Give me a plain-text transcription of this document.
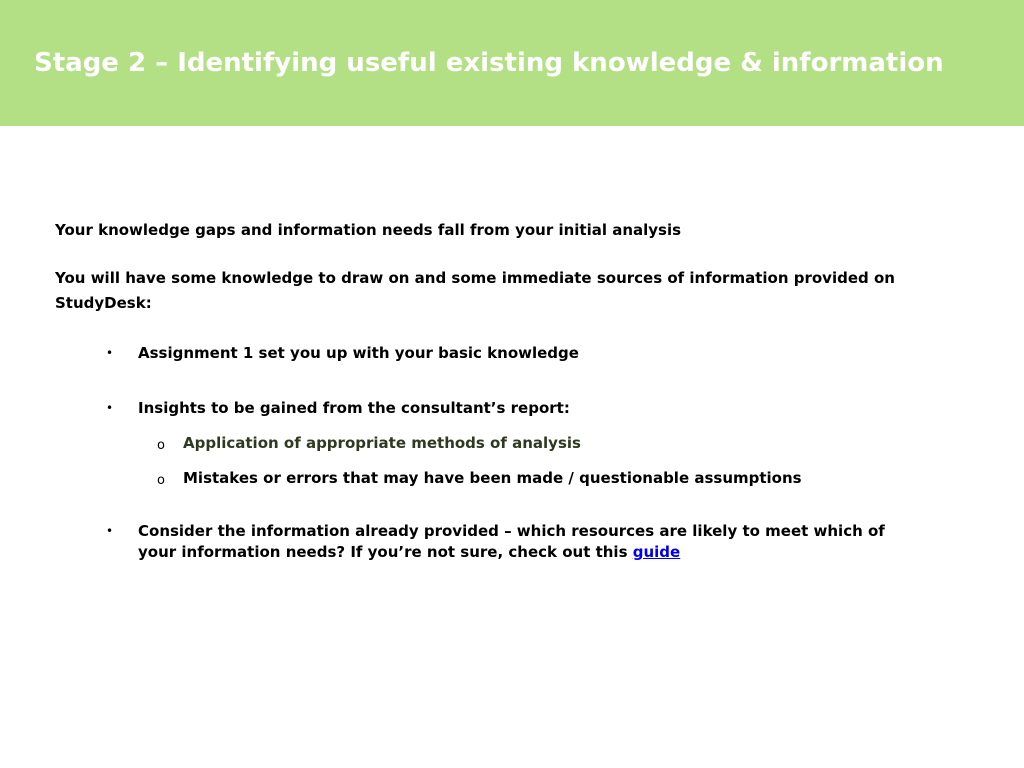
Stage 2 – Identifying useful existing knowledge & information

Your knowledge gaps and information needs fall from your initial analysis

You will have some knowledge to draw on and some immediate sources of information provided on StudyDesk:

• Assignment 1 set you up with your basic knowledge
• Insights to be gained from the consultant’s report:
o Application of appropriate methods of analysis
o Mistakes or errors that may have been made / questionable assumptions
• Consider the information already provided – which resources are likely to meet which of your information needs? If you’re not sure, check out this guide
